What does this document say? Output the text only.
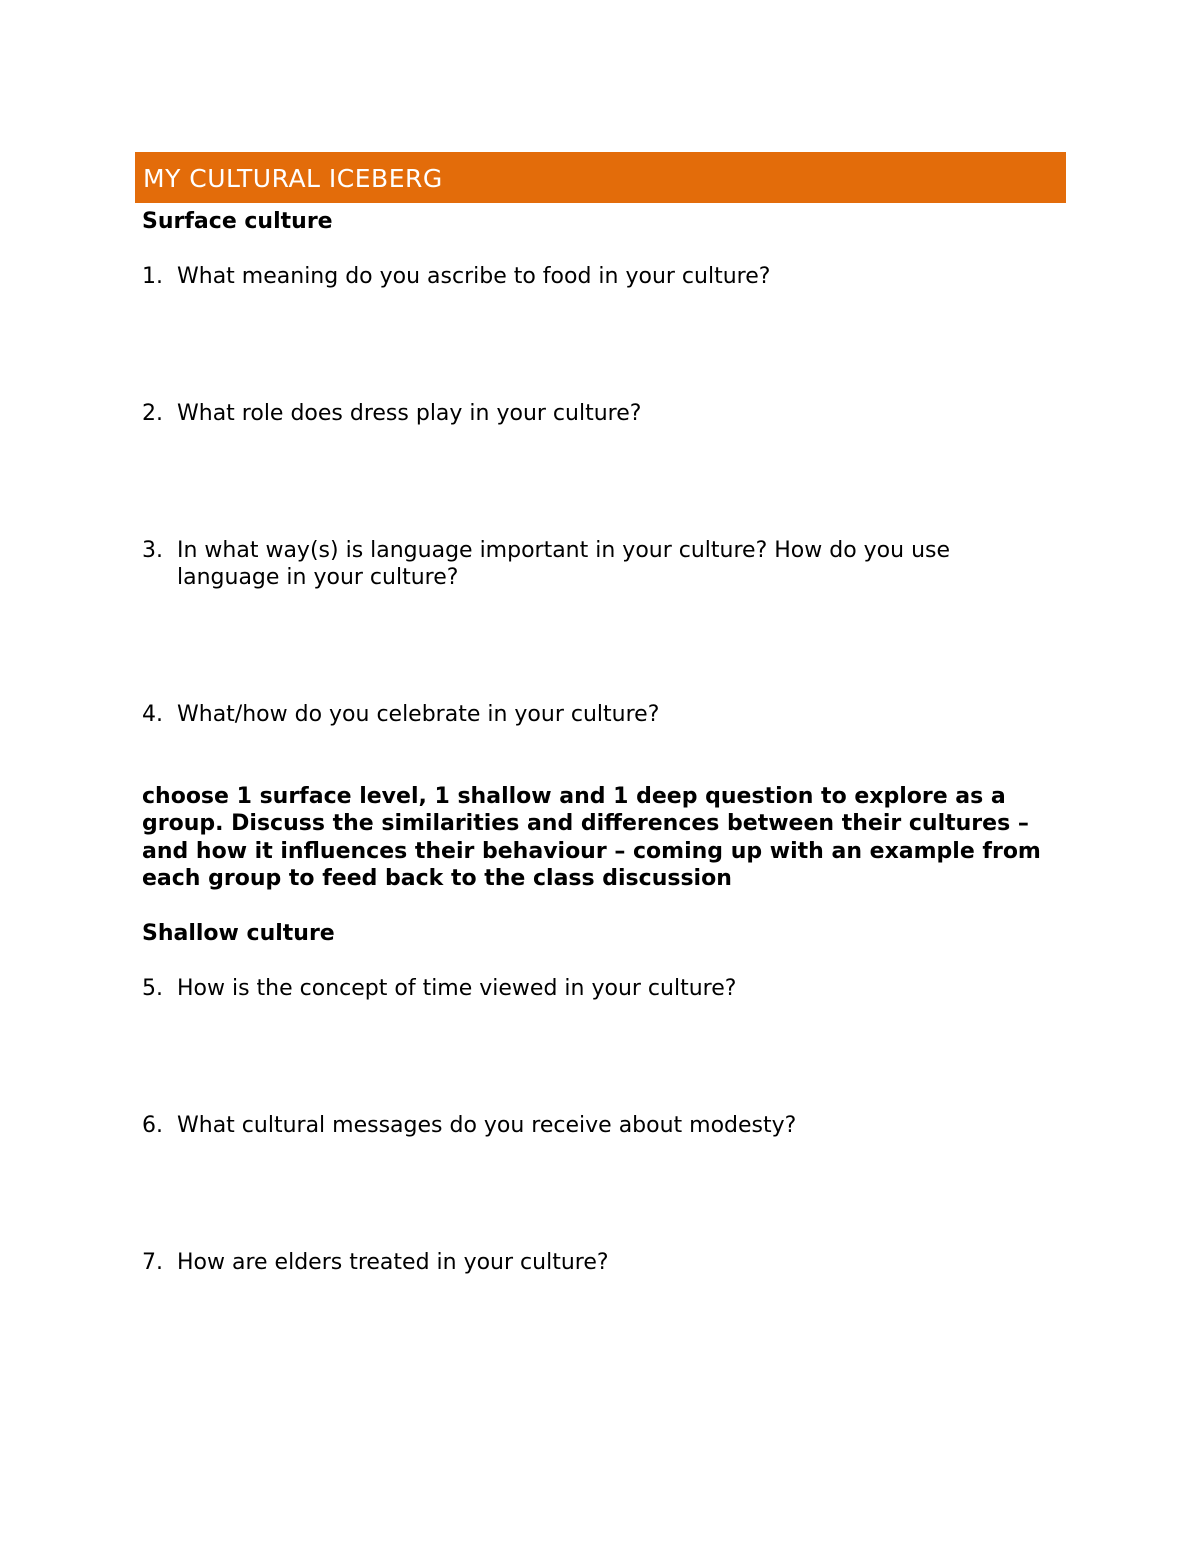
MY CULTURAL ICEBERG
Surface culture
1. What meaning do you ascribe to food in your culture?
2. What role does dress play in your culture?
3. In what way(s) is language important in your culture? How do you use language in your culture?
4. What/how do you celebrate in your culture?
choose 1 surface level, 1 shallow and 1 deep question to explore as a group. Discuss the similarities and differences between their cultures – and how it influences their behaviour – coming up with an example from each group to feed back to the class discussion
Shallow culture
5. How is the concept of time viewed in your culture?
6. What cultural messages do you receive about modesty?
7. How are elders treated in your culture?
